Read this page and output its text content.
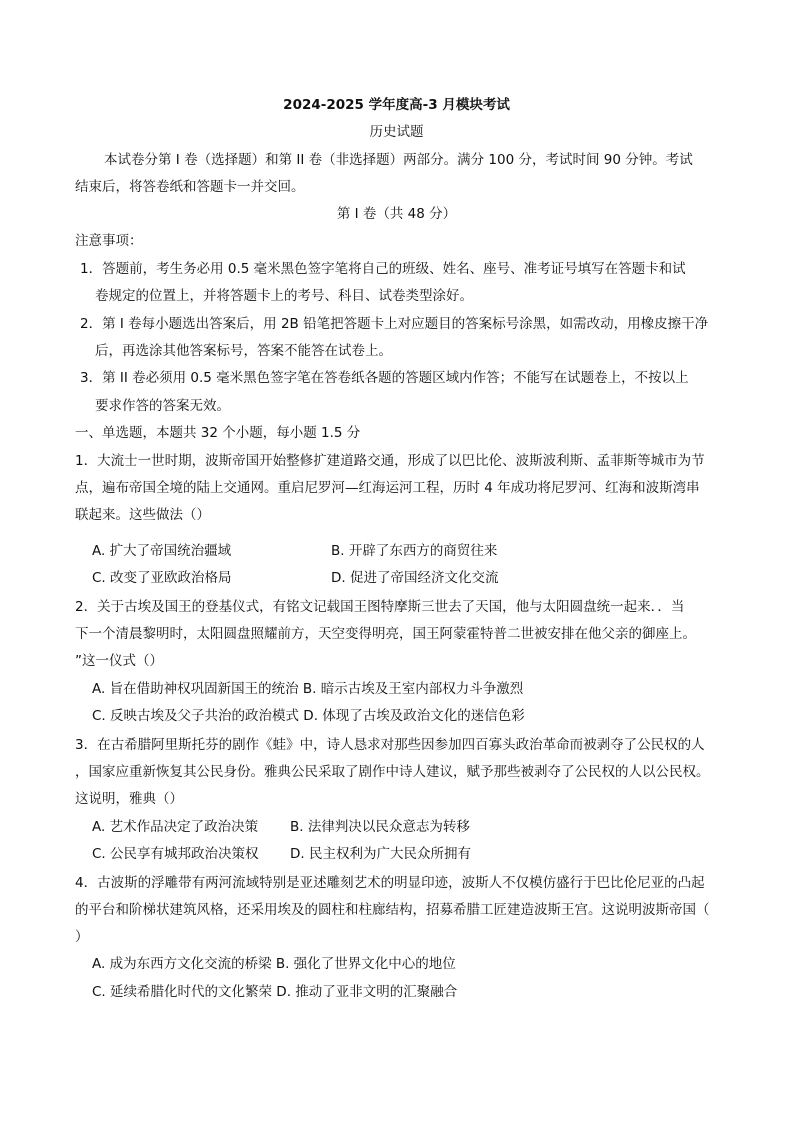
2024-2025 学年度高-3 月模块考试
历史试题
本试卷分第 I 卷（选择题）和第 II 卷（非选择题）两部分。满分 100 分，考试时间 90 分钟。考试
结束后，将答卷纸和答题卡一并交回。
第 I 卷（共 48 分）
注意事项：
1．答题前，考生务必用 0.5 毫米黑色签字笔将自己的班级、姓名、座号、准考证号填写在答题卡和试
卷规定的位置上，并将答题卡上的考号、科目、试卷类型涂好。
2．第 I 卷每小题选出答案后，用 2B 铅笔把答题卡上对应题目的答案标号涂黑，如需改动，用橡皮擦干净
后，再选涂其他答案标号，答案不能答在试卷上。
3．第 II 卷必须用 0.5 毫米黑色签字笔在答卷纸各题的答题区域内作答；不能写在试题卷上，不按以上
要求作答的答案无效。
一、单选题，本题共 32 个小题，每小题 1.5 分
1．大流士一世时期，波斯帝国开始整修扩建道路交通，形成了以巴比伦、波斯波利斯、孟菲斯等城市为节
点，遍布帝国全境的陆上交通网。重启尼罗河—红海运河工程，历时 4 年成功将尼罗河、红海和波斯湾串
联起来。这些做法（）
A. 扩大了帝国统治疆域	B. 开辟了东西方的商贸往来
C. 改变了亚欧政治格局	D. 促进了帝国经济文化交流
2．关于古埃及国王的登基仪式，有铭文记载国王图特摩斯三世去了天国，他与太阳圆盘统一起来．．当
下一个清晨黎明时，太阳圆盘照耀前方，天空变得明亮，国王阿蒙霍特普二世被安排在他父亲的御座上。
”这一仪式（）
A. 旨在借助神权巩固新国王的统治 B. 暗示古埃及王室内部权力斗争激烈
C. 反映古埃及父子共治的政治模式 D. 体现了古埃及政治文化的迷信色彩
3．在古希腊阿里斯托芬的剧作《蛙》中，诗人恳求对那些因参加四百寡头政治革命而被剥夺了公民权的人
，国家应重新恢复其公民身份。雅典公民采取了剧作中诗人建议，赋予那些被剥夺了公民权的人以公民权。
这说明，雅典（）
A. 艺术作品决定了政治决策 B. 法律判决以民众意志为转移
C. 公民享有城邦政治决策权 D. 民主权利为广大民众所拥有
4．古波斯的浮雕带有两河流域特别是亚述雕刻艺术的明显印迹，波斯人不仅模仿盛行于巴比伦尼亚的凸起
的平台和阶梯状建筑风格，还采用埃及的圆柱和柱廊结构，招募希腊工匠建造波斯王宫。这说明波斯帝国（
）
A. 成为东西方文化交流的桥梁 B. 强化了世界文化中心的地位
C. 延续希腊化时代的文化繁荣 D. 推动了亚非文明的汇聚融合
